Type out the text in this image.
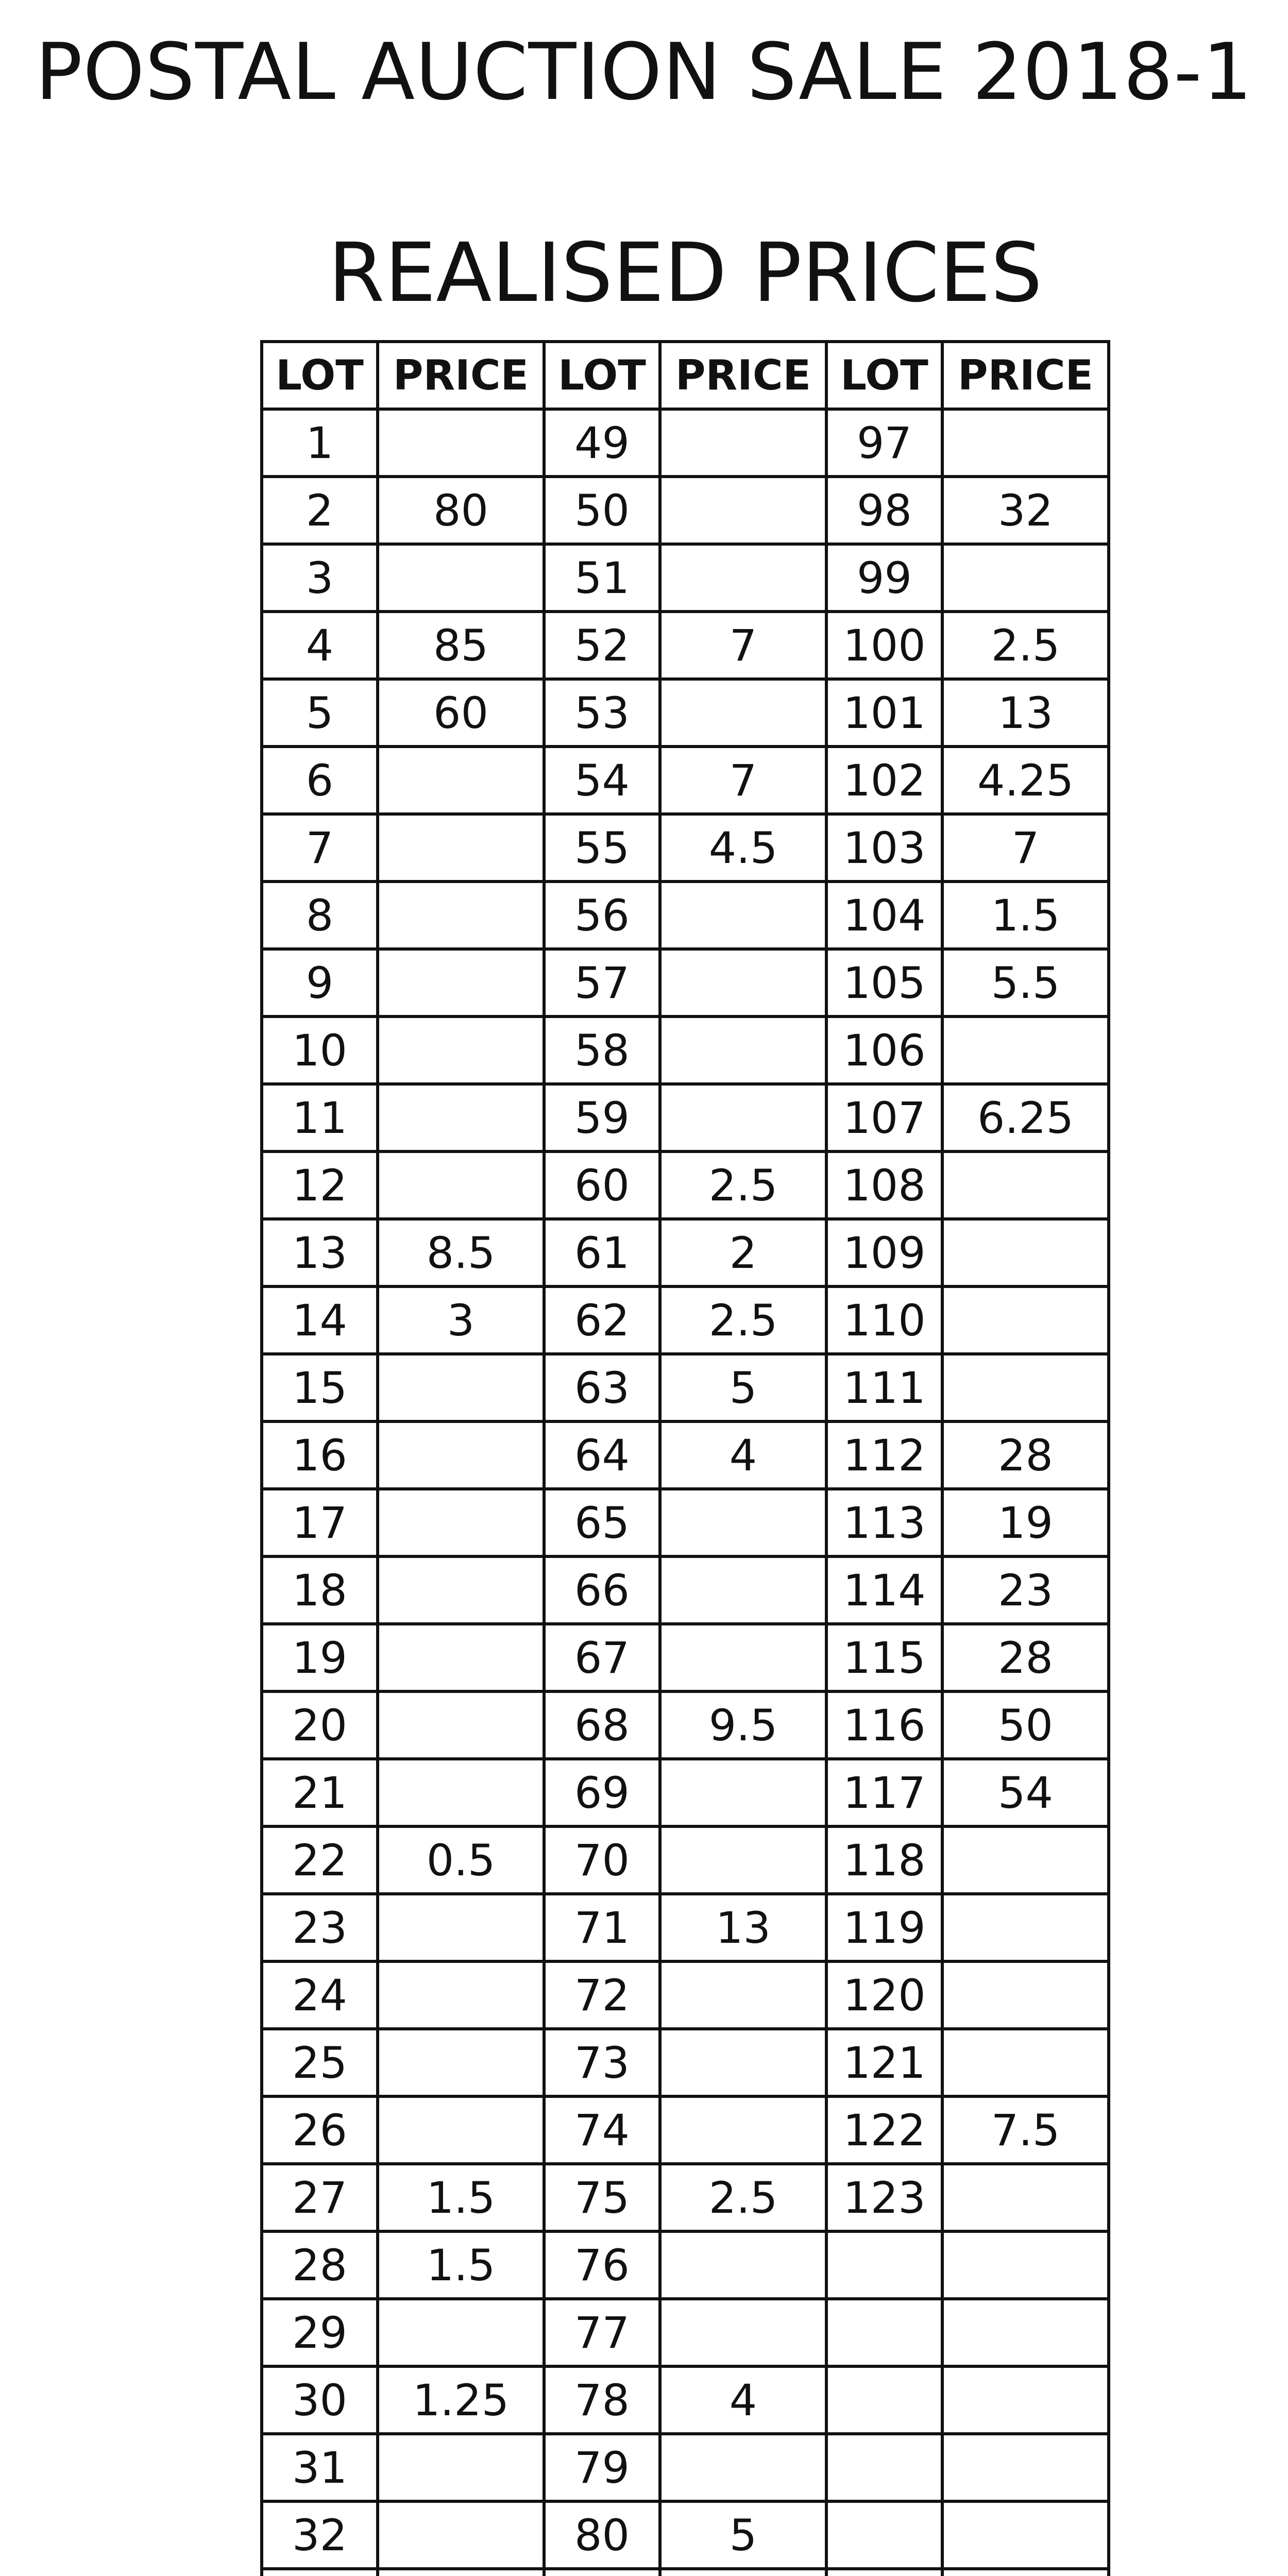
POSTAL AUCTION SALE 2018-1
REALISED PRICES
LOT	PRICE	LOT	PRICE	LOT	PRICE
1		49		97	
2	80	50		98	32
3		51		99	
4	85	52	7	100	2.5
5	60	53		101	13
6		54	7	102	4.25
7		55	4.5	103	7
8		56		104	1.5
9		57		105	5.5
10		58		106	
11		59		107	6.25
12		60	2.5	108	
13	8.5	61	2	109	
14	3	62	2.5	110	
15		63	5	111	
16		64	4	112	28
17		65		113	19
18		66		114	23
19		67		115	28
20		68	9.5	116	50
21		69		117	54
22	0.5	70		118	
23		71	13	119	
24		72		120	
25		73		121	
26		74		122	7.5
27	1.5	75	2.5	123	
28	1.5	76			
29		77			
30	1.25	78	4		
31		79			
32		80	5		
